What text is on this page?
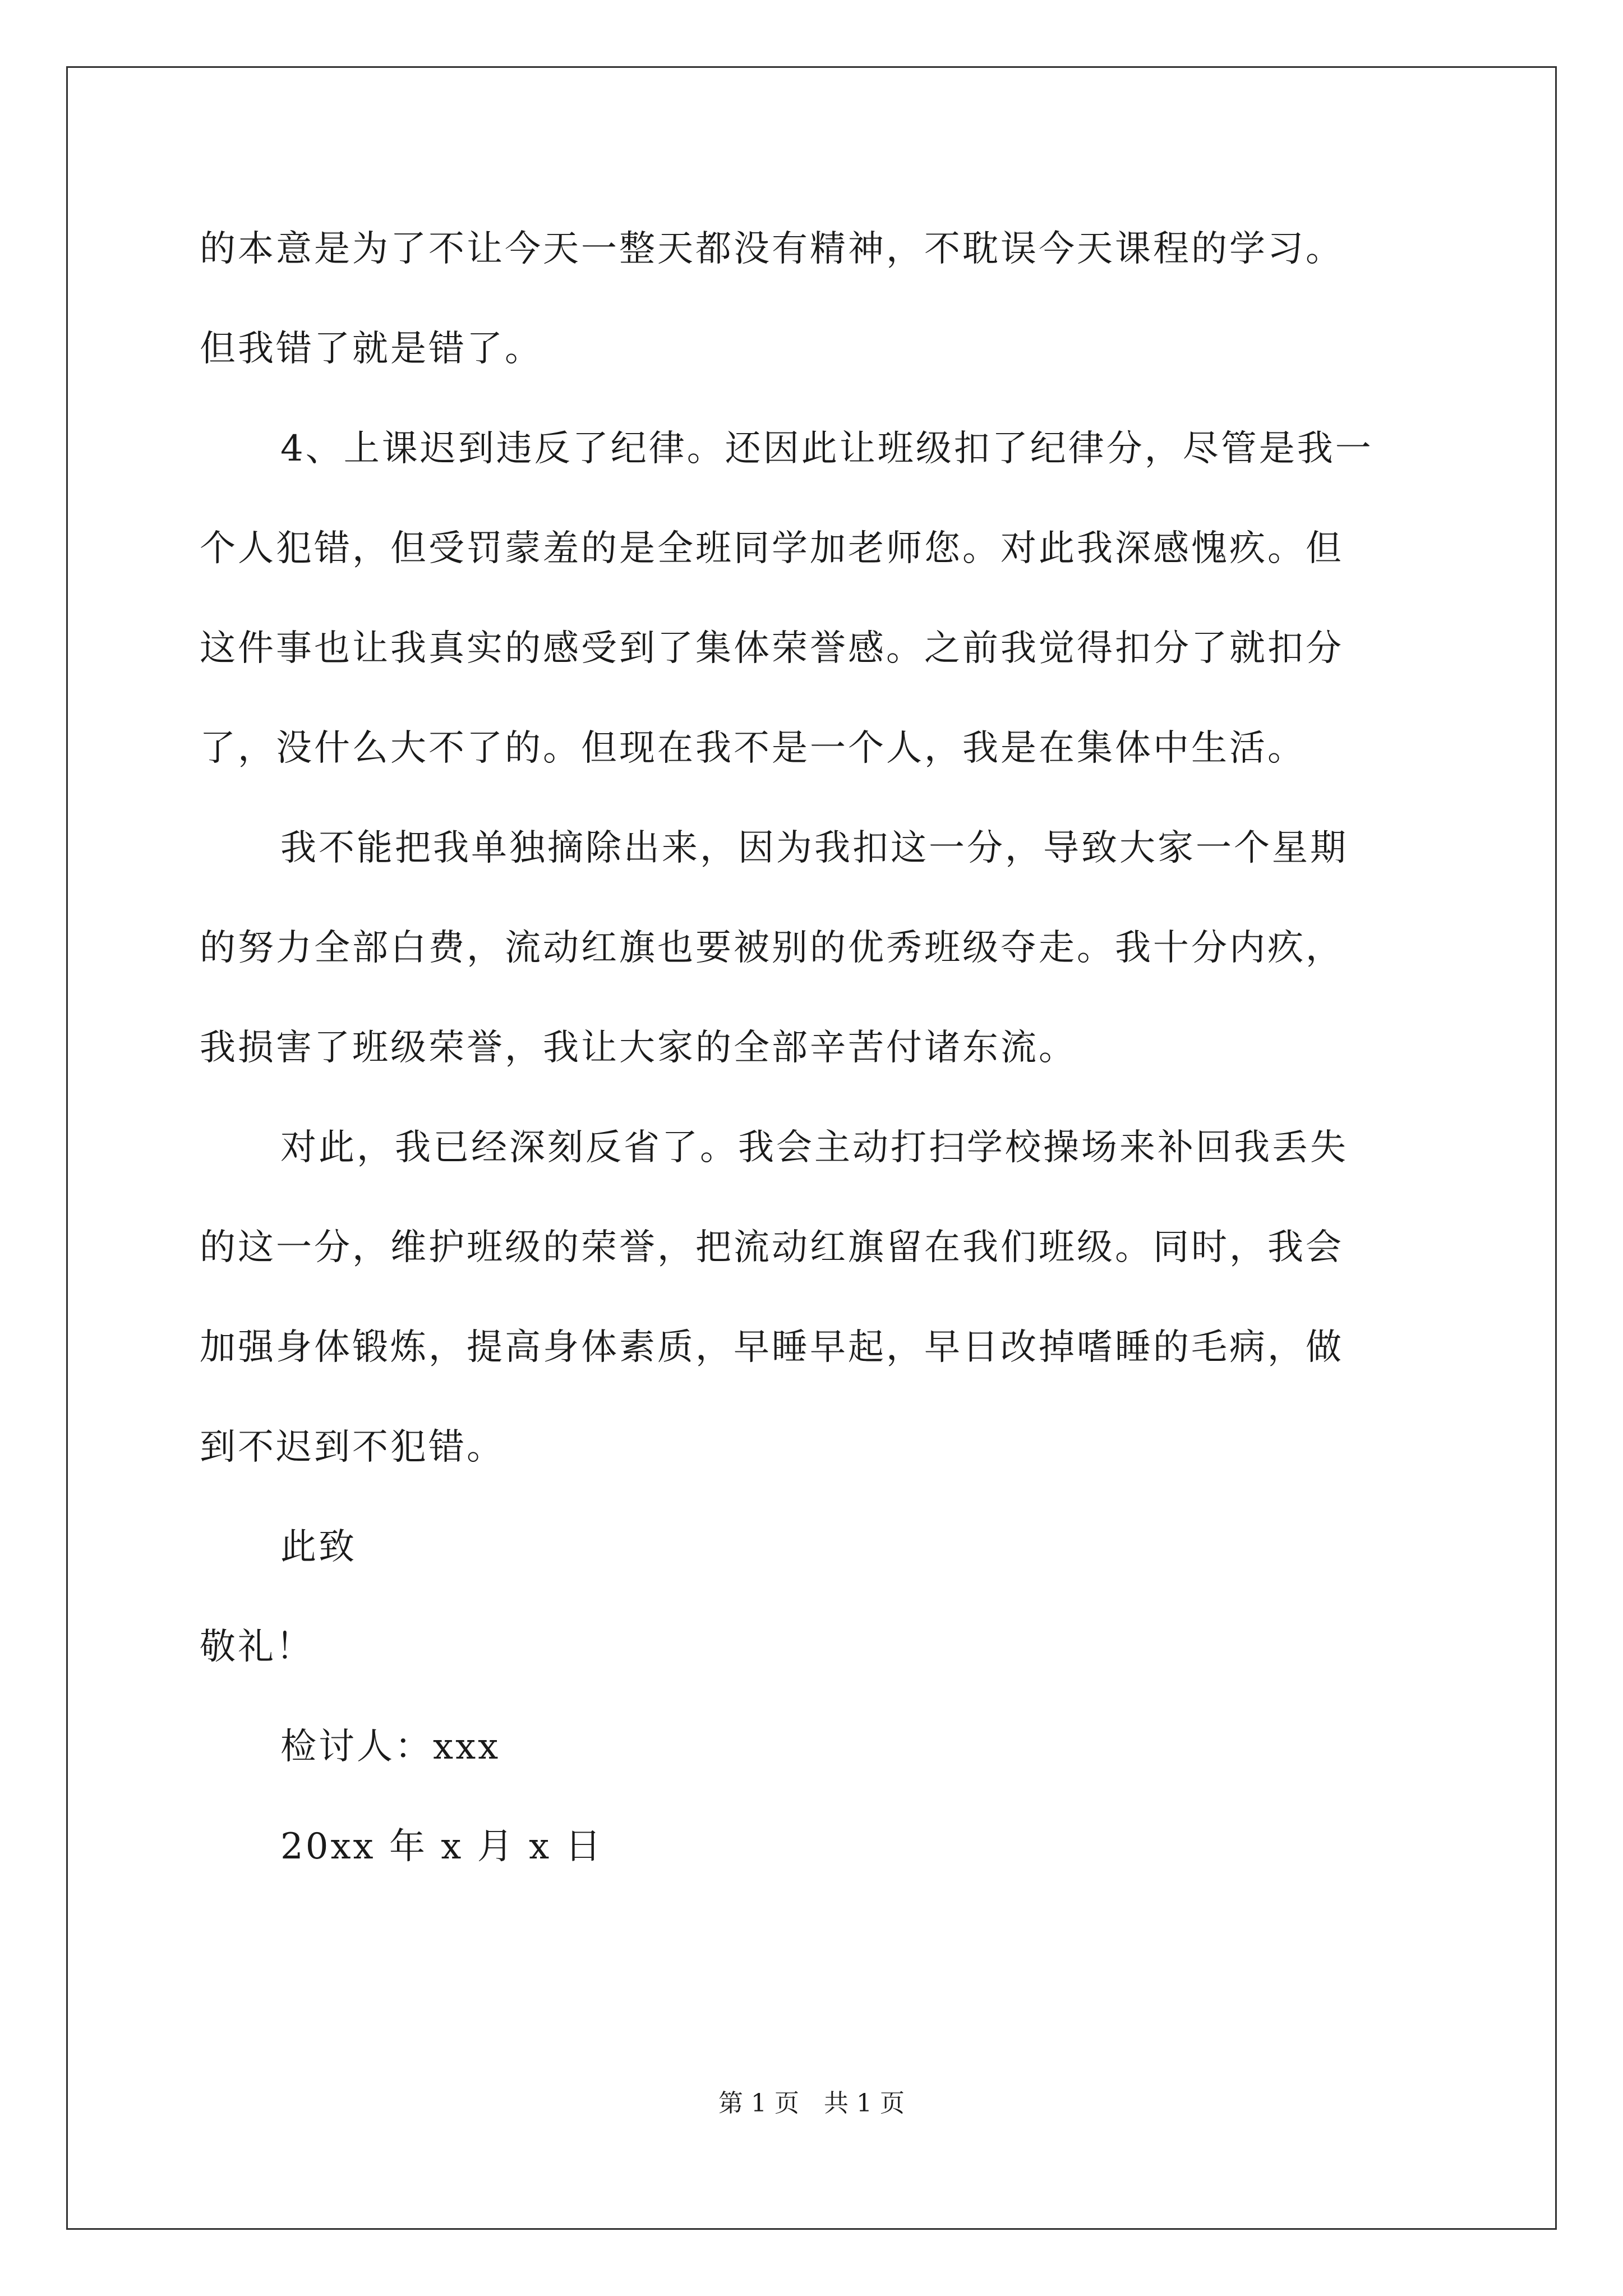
的本意是为了不让今天一整天都没有精神，不耽误今天课程的学习。
但我错了就是错了。
4、上课迟到违反了纪律。还因此让班级扣了纪律分，尽管是我一
个人犯错，但受罚蒙羞的是全班同学加老师您。对此我深感愧疚。但
这件事也让我真实的感受到了集体荣誉感。之前我觉得扣分了就扣分
了，没什么大不了的。但现在我不是一个人，我是在集体中生活。
我不能把我单独摘除出来，因为我扣这一分，导致大家一个星期
的努力全部白费，流动红旗也要被别的优秀班级夺走。我十分内疚，
我损害了班级荣誉，我让大家的全部辛苦付诸东流。
对此，我已经深刻反省了。我会主动打扫学校操场来补回我丢失
的这一分，维护班级的荣誉，把流动红旗留在我们班级。同时，我会
加强身体锻炼，提高身体素质，早睡早起，早日改掉嗜睡的毛病，做
到不迟到不犯错。
此致
敬礼！
检讨人：xxx
20xx 年 x 月 x 日
第 1 页　共 1 页
